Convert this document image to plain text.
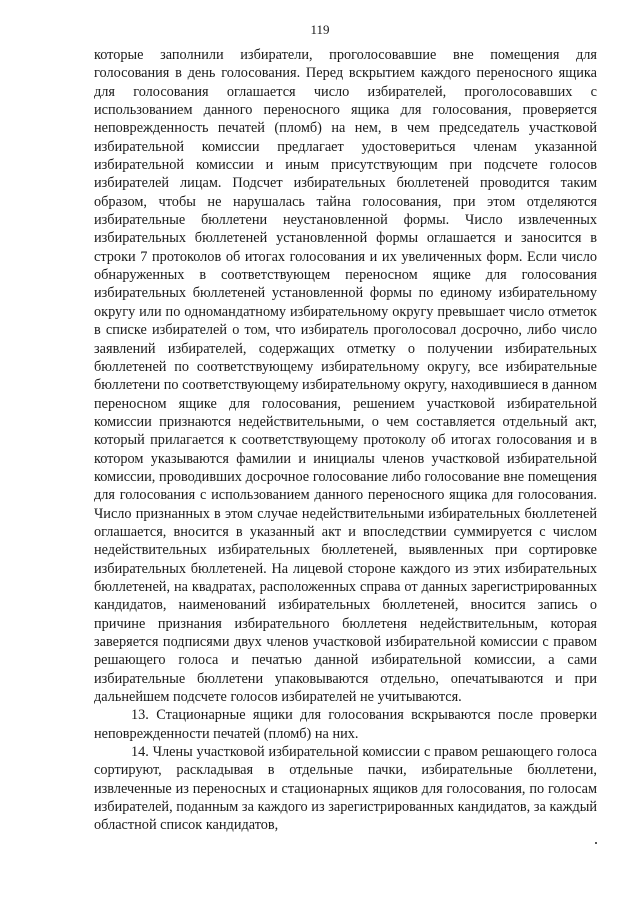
119

которые заполнили избиратели, проголосовавшие вне помещения для голосования в день голосования. Перед вскрытием каждого переносного ящика для голосования оглашается число избирателей, проголосовавших с использованием данного переносного ящика для голосования, проверяется неповрежденность печатей (пломб) на нем, в чем председатель участковой избирательной комиссии предлагает удостовериться членам указанной избирательной комиссии и иным присутствующим при подсчете голосов избирателей лицам. Подсчет избирательных бюллетеней проводится таким образом, чтобы не нарушалась тайна голосования, при этом отделяются избирательные бюллетени неустановленной формы. Число извлеченных избирательных бюллетеней установленной формы оглашается и заносится в строки 7 протоколов об итогах голосования и их увеличенных форм. Если число обнаруженных в соответствующем переносном ящике для голосования избирательных бюллетеней установленной формы по единому избирательному округу или по одномандатному избирательному округу превышает число отметок в списке избирателей о том, что избиратель проголосовал досрочно, либо число заявлений избирателей, содержащих отметку о получении избирательных бюллетеней по соответствующему избирательному округу, все избирательные бюллетени по соответствующему избирательному округу, находившиеся в данном переносном ящике для голосования, решением участковой избирательной комиссии признаются недействительными, о чем составляется отдельный акт, который прилагается к соответствующему протоколу об итогах голосования и в котором указываются фамилии и инициалы членов участковой избирательной комиссии, проводивших досрочное голосование либо голосование вне помещения для голосования с использованием данного переносного ящика для голосования. Число признанных в этом случае недействительными избирательных бюллетеней оглашается, вносится в указанный акт и впоследствии суммируется с числом недействительных избирательных бюллетеней, выявленных при сортировке избирательных бюллетеней. На лицевой стороне каждого из этих избирательных бюллетеней, на квадратах, расположенных справа от данных зарегистрированных кандидатов, наименований избирательных бюллетеней, вносится запись о причине признания избирательного бюллетеня недействительным, которая заверяется подписями двух членов участковой избирательной комиссии с правом решающего голоса и печатью данной избирательной комиссии, а сами избирательные бюллетени упаковываются отдельно, опечатываются и при дальнейшем подсчете голосов избирателей не учитываются.

13. Стационарные ящики для голосования вскрываются после проверки неповрежденности печатей (пломб) на них.

14. Члены участковой избирательной комиссии с правом решающего голоса сортируют, раскладывая в отдельные пачки, избирательные бюллетени, извлеченные из переносных и стационарных ящиков для голосования, по голосам избирателей, поданным за каждого из зарегистрированных кандидатов, за каждый областной список кандидатов,
